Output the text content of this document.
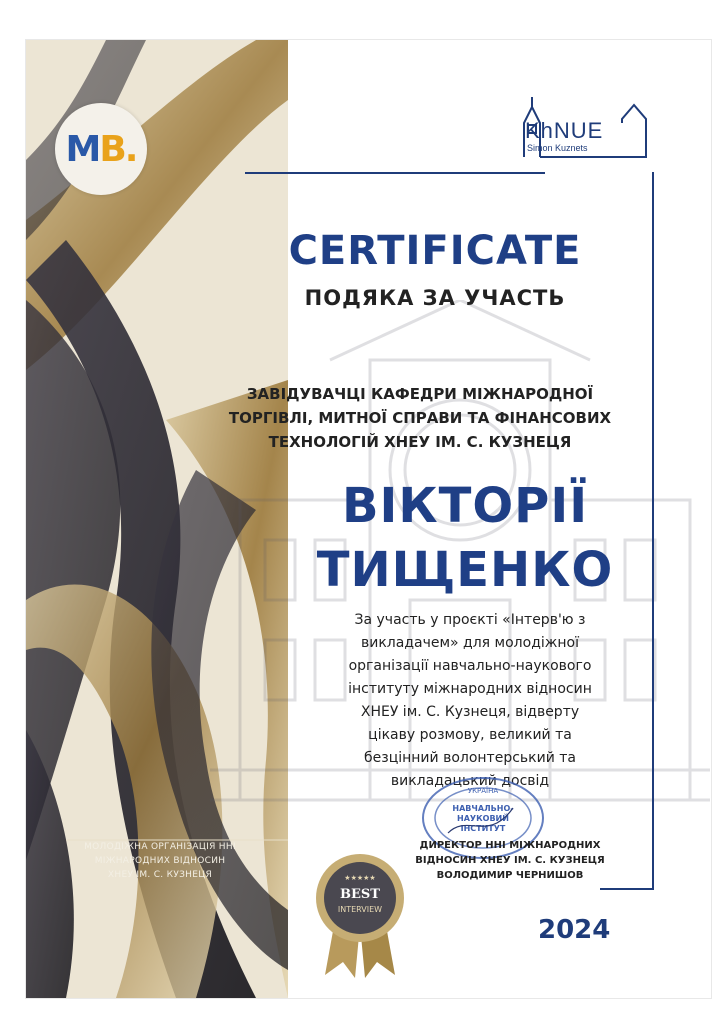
MB.	KhNUE
Simon Kuznets
CERTIFICATE
ПОДЯКА ЗА УЧАСТЬ
ЗАВІДУВАЧЦІ КАФЕДРИ МІЖНАРОДНОЇ
ТОРГІВЛІ, МИТНОЇ СПРАВИ ТА ФІНАНСОВИХ
ТЕХНОЛОГІЙ ХНЕУ ІМ. С. КУЗНЕЦЯ
ВІКТОРІЇ
ТИЩЕНКО
За участь у проєкті «Інтерв'ю з
викладачем» для молодіжної
організації навчально-наукового
інституту міжнародних відносин
ХНЕУ ім. С. Кузнеця, відверту
цікаву розмову, великий та
безцінний волонтерський та
викладацький досвід
УКРАЇНА
НАВЧАЛЬНО-
НАУКОВИЙ
ІНСТИТУТ
ДИРЕКТОР ННІ МІЖНАРОДНИХ
ВІДНОСИН ХНЕУ ІМ. С. КУЗНЕЦЯ
ВОЛОДИМИР ЧЕРНИШОВ
МОЛОДІЖНА ОРГАНІЗАЦІЯ ННІ
МІЖНАРОДНИХ ВІДНОСИН
ХНЕУ ІМ. С. КУЗНЕЦЯ	★★★★★
BEST
INTERVIEW
2024
